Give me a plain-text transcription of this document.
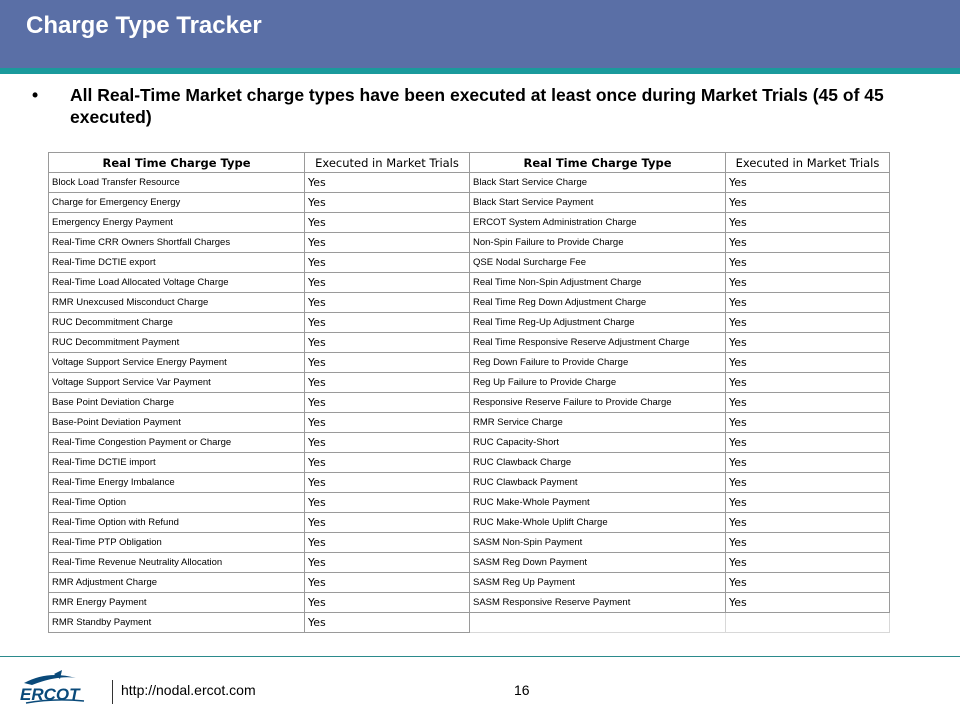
Charge Type Tracker
• All Real-Time Market charge types have been executed at least once during Market Trials (45 of 45 executed)
Real Time Charge Type	Executed in Market Trials	Real Time Charge Type	Executed in Market Trials
Block Load Transfer Resource	Yes	Black Start Service Charge	Yes
Charge for Emergency Energy	Yes	Black Start Service Payment	Yes
Emergency Energy Payment	Yes	ERCOT System Administration Charge	Yes
Real-Time CRR Owners Shortfall Charges	Yes	Non-Spin Failure to Provide Charge	Yes
Real-Time DCTIE export	Yes	QSE Nodal Surcharge Fee	Yes
Real-Time Load Allocated Voltage Charge	Yes	Real Time Non-Spin Adjustment Charge	Yes
RMR Unexcused Misconduct Charge	Yes	Real Time Reg Down Adjustment Charge	Yes
RUC Decommitment Charge	Yes	Real Time Reg-Up Adjustment Charge	Yes
RUC Decommitment Payment	Yes	Real Time Responsive Reserve Adjustment Charge	Yes
Voltage Support Service Energy Payment	Yes	Reg Down Failure to Provide Charge	Yes
Voltage Support Service Var Payment	Yes	Reg Up Failure to Provide Charge	Yes
Base Point Deviation Charge	Yes	Responsive Reserve Failure to Provide Charge	Yes
Base-Point Deviation Payment	Yes	RMR Service Charge	Yes
Real-Time Congestion Payment or Charge	Yes	RUC Capacity-Short	Yes
Real-Time DCTIE import	Yes	RUC Clawback Charge	Yes
Real-Time Energy Imbalance	Yes	RUC Clawback Payment	Yes
Real-Time Option	Yes	RUC Make-Whole Payment	Yes
Real-Time Option with Refund	Yes	RUC Make-Whole Uplift Charge	Yes
Real-Time PTP Obligation	Yes	SASM Non-Spin Payment	Yes
Real-Time Revenue Neutrality Allocation	Yes	SASM Reg Down Payment	Yes
RMR Adjustment Charge	Yes	SASM Reg Up Payment	Yes
RMR Energy Payment	Yes	SASM Responsive Reserve Payment	Yes
RMR Standby Payment	Yes		
ERCOT	http://nodal.ercot.com	16
